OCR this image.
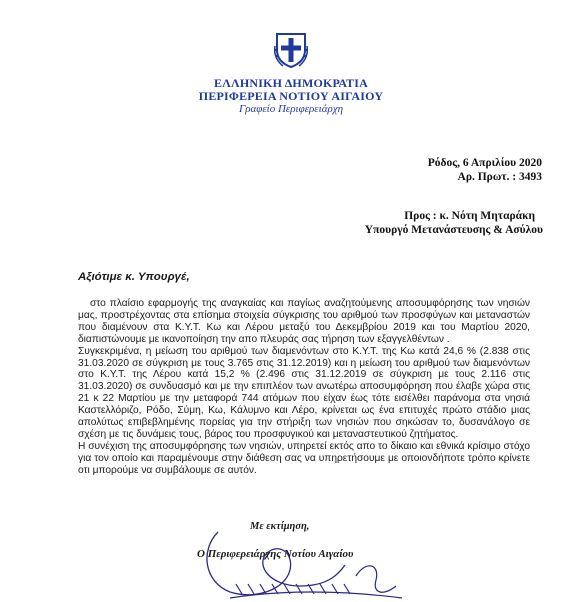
ΕΛΛΗΝΙΚΗ ΔΗΜΟΚΡΑΤΙΑ
ΠΕΡΙΦΕΡΕΙΑ ΝΟΤΙΟΥ ΑΙΓΑΙΟΥ
Γραφείο Περιφερειάρχη
Ρόδος, 6 Απριλίου 2020
Αρ. Πρωτ. : 3493
Προς : κ. Νότη Μηταράκη
Υπουργό Μετανάστευσης & Ασύλου
Αξιότιμε κ. Υπουργέ,

στο πλαίσιο εφαρμογής της αναγκαίας και παγίως αναζητούμενης αποσυμφόρησης των νησιών μας, προστρέχοντας στα επίσημα στοιχεία σύγκρισης του αριθμού των προσφύγων και μεταναστών που διαμένουν στα Κ.Υ.Τ. Κω και Λέρου μεταξύ του Δεκεμβρίου 2019 και του Μαρτίου 2020, διαπιστώνουμε με ικανοποίηση την απο πλευράς σας τήρηση των εξαγγελθέντων .

Συγκεκριμένα, η μείωση του αριθμού των διαμενόντων στο Κ.Υ.Τ. της Κω κατά 24,6 % (2.838 στις 31.03.2020 σε σύγκριση με τους 3.765 στις 31.12.2019) και η μείωση του αριθμού των διαμενόντων στο Κ.Υ.Τ. της Λέρου κατά 15,2 % (2.496 στις 31.12.2019 σε σύγκριση με τους 2.116 στις 31.03.2020) σε συνδυασμό και με την επιπλέον των ανωτέρω αποσυμφόρηση που έλαβε χώρα στις 21 κ 22 Μαρτίου με την μεταφορά 744 ατόμων που είχαν έως τότε εισέλθει παράνομα στα νησιά Καστελλόριζο, Ρόδο, Σύμη, Κω, Κάλυμνο και Λέρο, κρίνεται ως ένα επιτυχές πρώτο στάδιο μιας απολύτως επιβεβλημένης πορείας για την στήριξη των νησιών που σηκώσαν το, δυσανάλογο σε σχέση με τις δυνάμεις τους, βάρος του προσφυγικού και μεταναστευτικού ζητήματος.

Η συνέχιση της αποσυμφόρησης των νησιών, υπηρετεί εκτός απο το δίκαιο και εθνικά κρίσιμο στόχο για τον οποίο και παραμένουμε στην διάθεση σας να υπηρετήσουμε με οποιονδήποτε τρόπο κρίνετε οτι μπορούμε να συμβάλουμε σε αυτόν.

Με εκτίμηση,
Ο Περιφερειάρχης Νοτίου Αιγαίου
